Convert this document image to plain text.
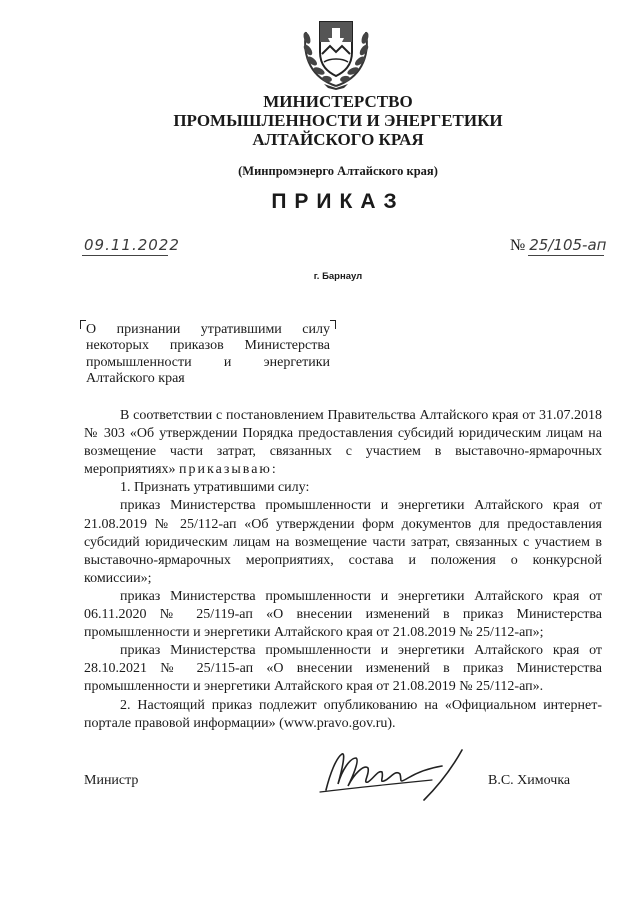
МИНИСТЕРСТВО
ПРОМЫШЛЕННОСТИ И ЭНЕРГЕТИКИ
АЛТАЙСКОГО КРАЯ
(Минпромэнерго Алтайского края)
ПРИКАЗ
09.11.2022	№ 25/105-ап
г. Барнаул
О признании утратившими силу некоторых приказов Министерства промышленности и энергетики Алтайского края

В соответствии с постановлением Правительства Алтайского края от 31.07.2018 № 303 «Об утверждении Порядка предоставления субсидий юридическим лицам на возмещение части затрат, связанных с участием в выставочно-ярмарочных мероприятиях» приказываю:

1. Признать утратившими силу:

приказ Министерства промышленности и энергетики Алтайского края от 21.08.2019 № 25/112-ап «Об утверждении форм документов для предоставления субсидий юридическим лицам на возмещение части затрат, связанных с участием в выставочно-ярмарочных мероприятиях, состава и положения о конкурсной комиссии»;

приказ Министерства промышленности и энергетики Алтайского края от 06.11.2020 № 25/119-ап «О внесении изменений в приказ Министерства промышленности и энергетики Алтайского края от 21.08.2019 № 25/112-ап»;

приказ Министерства промышленности и энергетики Алтайского края от 28.10.2021 № 25/115-ап «О внесении изменений в приказ Министерства промышленности и энергетики Алтайского края от 21.08.2019 № 25/112-ап».

2. Настоящий приказ подлежит опубликованию на «Официальном интернет-портале правовой информации» (www.pravo.gov.ru).

Министр	В.С. Химочка
